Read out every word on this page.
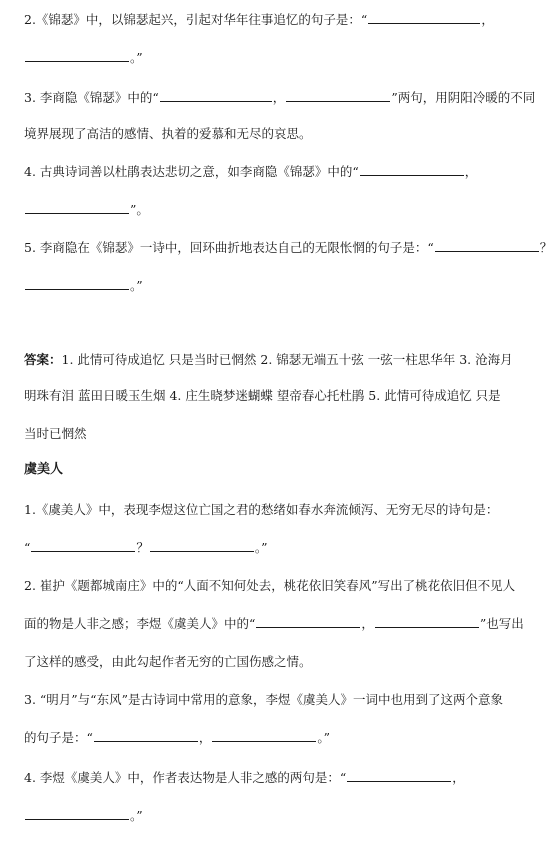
2.《锦瑟》中，以锦瑟起兴，引起对华年往事追忆的句子是：“	，
。”
3. 李商隐《锦瑟》中的“	，	”两句，用阴阳冷暖的不同
境界展现了高洁的感情、执着的爱慕和无尽的哀思。
4. 古典诗词善以杜鹃表达悲切之意，如李商隐《锦瑟》中的“	，
”。
5. 李商隐在《锦瑟》一诗中，回环曲折地表达自己的无限怅惘的句子是：“	？
。”
答案：1. 此情可待成追忆 只是当时已惘然 2. 锦瑟无端五十弦 一弦一柱思华年 3. 沧海月
明珠有泪 蓝田日暖玉生烟 4. 庄生晓梦迷蝴蝶 望帝春心托杜鹃 5. 此情可待成追忆 只是
当时已惘然
虞美人
1.《虞美人》中，表现李煜这位亡国之君的愁绪如春水奔流倾泻、无穷无尽的诗句是：
“	？	。”
2. 崔护《题都城南庄》中的“人面不知何处去，桃花依旧笑春风”写出了桃花依旧但不见人
面的物是人非之感；李煜《虞美人》中的“	，	”也写出
了这样的感受，由此勾起作者无穷的亡国伤感之情。
3. “明月”与“东风”是古诗词中常用的意象，李煜《虞美人》一词中也用到了这两个意象
的句子是：“	，	。”
4. 李煜《虞美人》中，作者表达物是人非之感的两句是：“	，
。”
